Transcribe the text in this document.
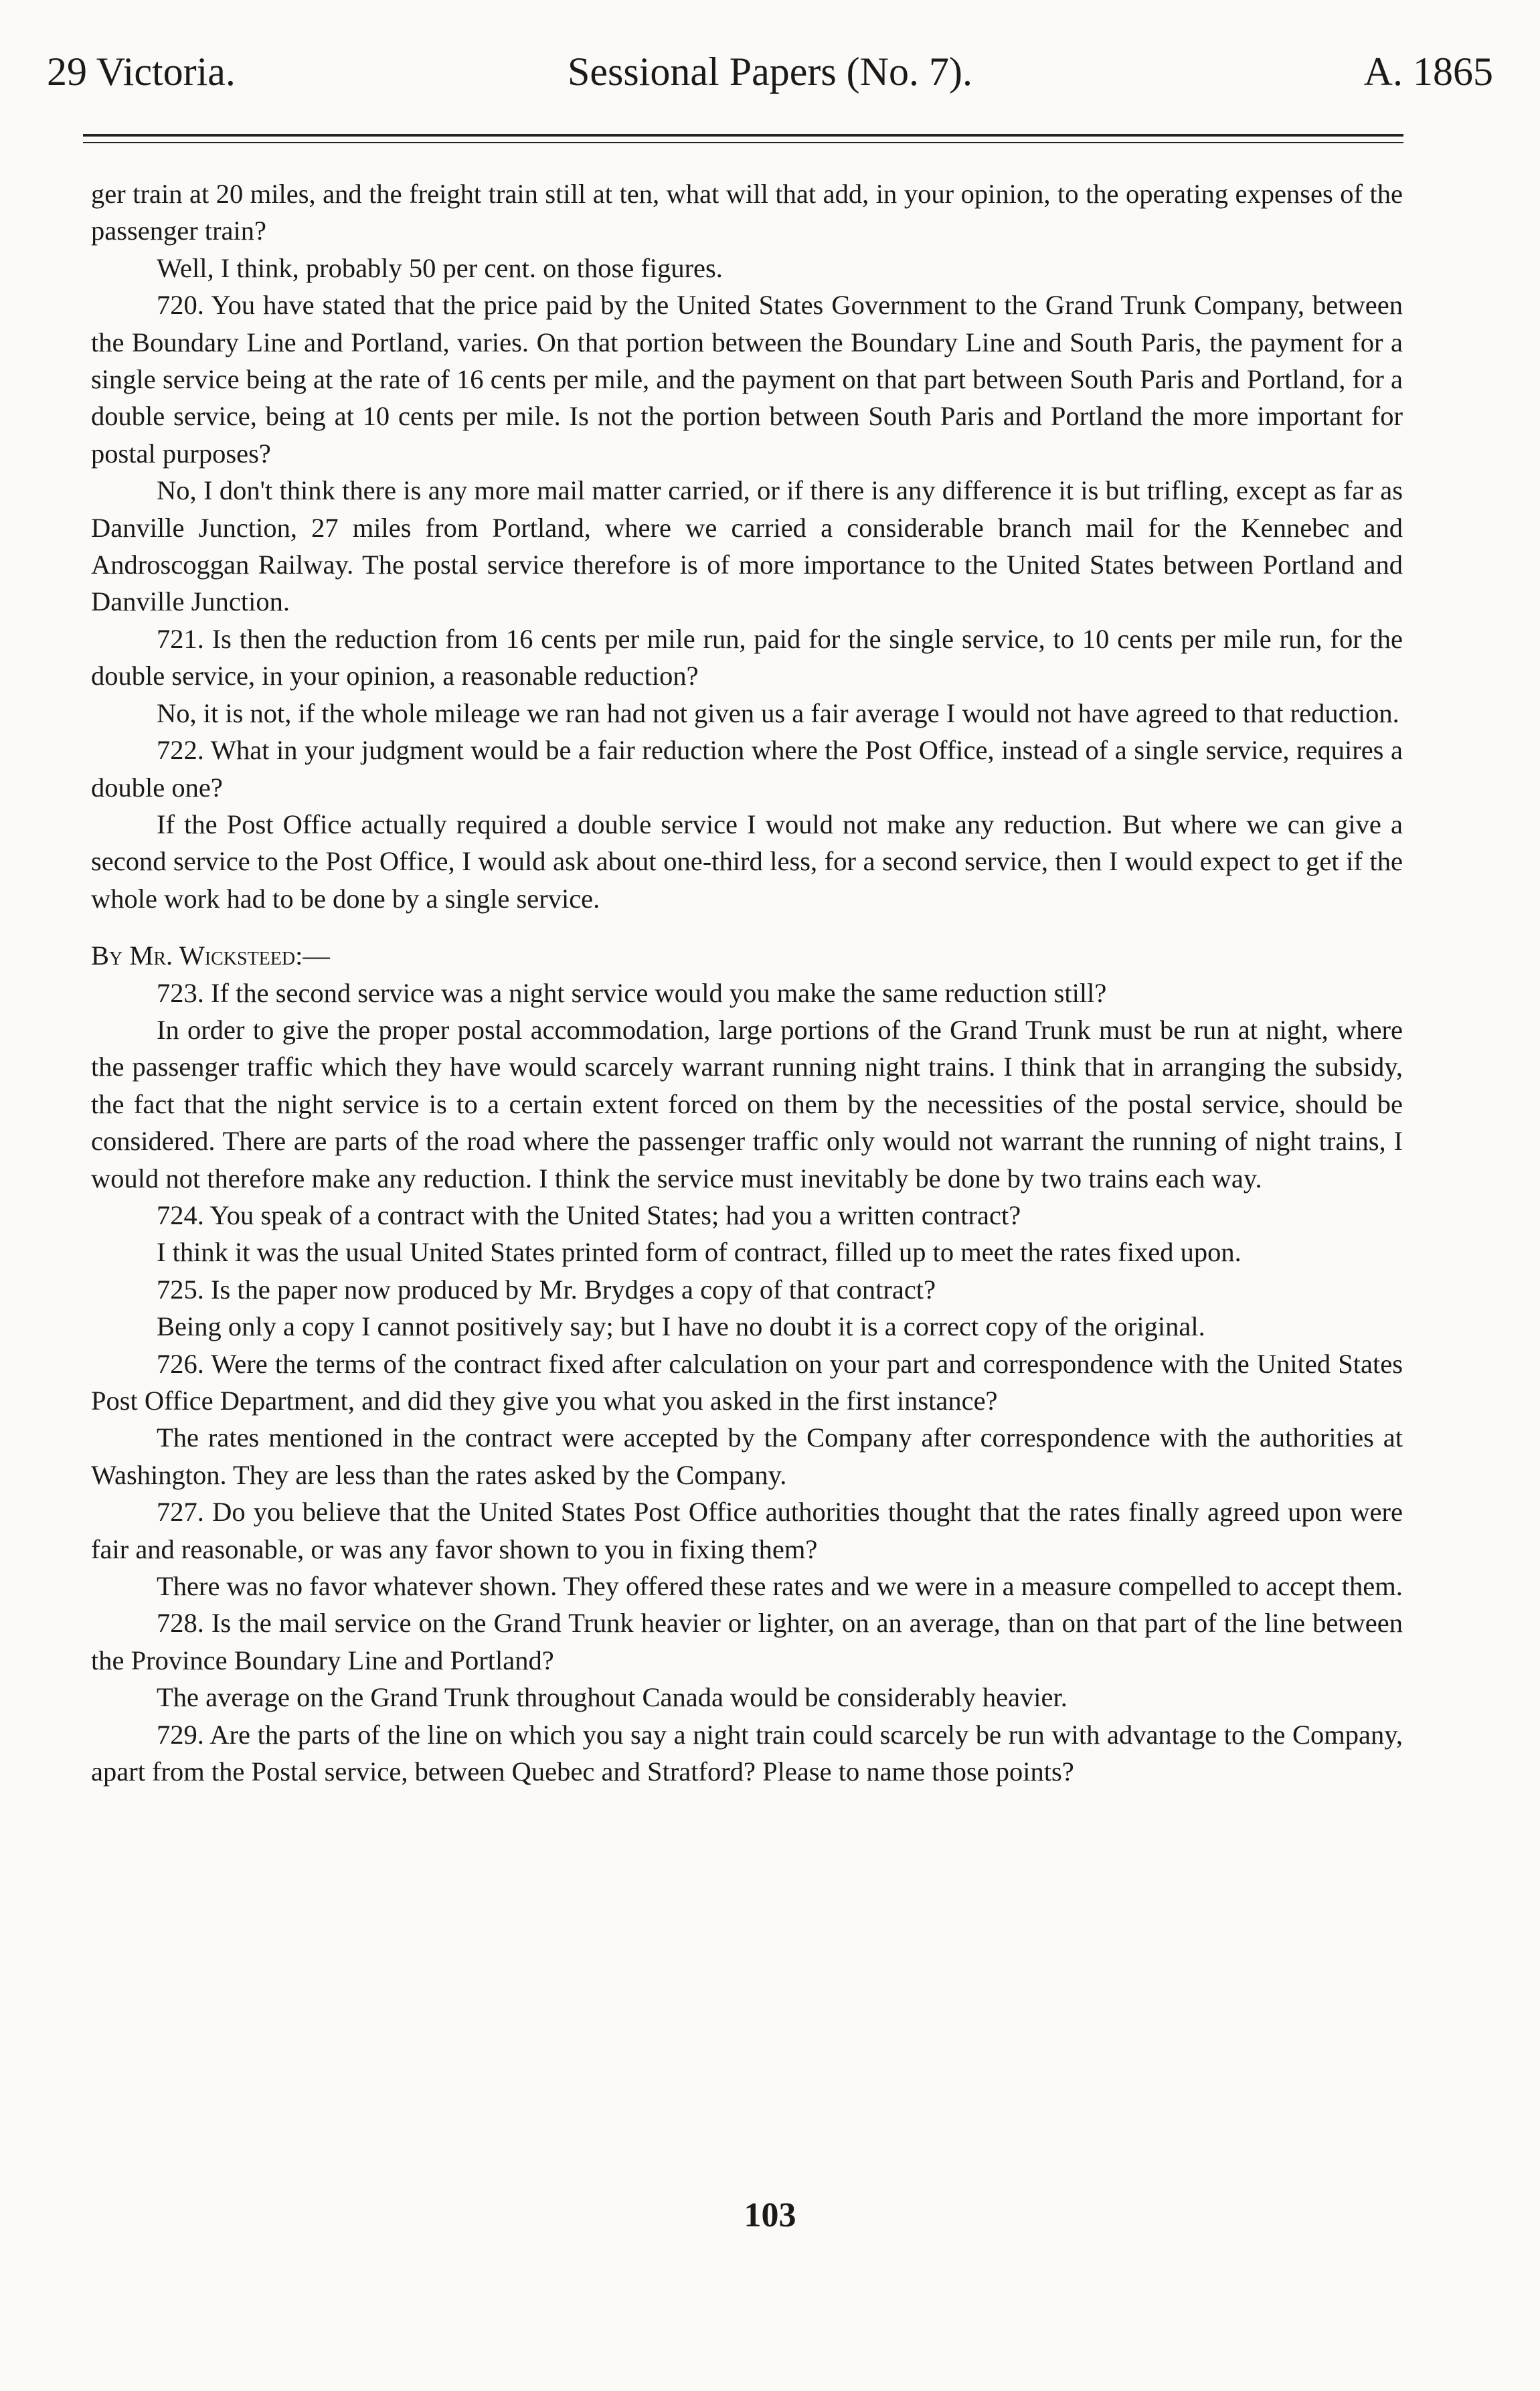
29 Victoria.	Sessional Papers (No. 7).	A. 1865

ger train at 20 miles, and the freight train still at ten, what will that add, in your opinion, to the operating expenses of the passenger train?

Well, I think, probably 50 per cent. on those figures.

720. You have stated that the price paid by the United States Government to the Grand Trunk Company, between the Boundary Line and Portland, varies. On that portion between the Boundary Line and South Paris, the payment for a single service being at the rate of 16 cents per mile, and the payment on that part between South Paris and Portland, for a double service, being at 10 cents per mile. Is not the portion between South Paris and Portland the more important for postal purposes?

No, I don't think there is any more mail matter carried, or if there is any difference it is but trifling, except as far as Danville Junction, 27 miles from Portland, where we carried a considerable branch mail for the Kennebec and Androscoggan Railway. The postal service therefore is of more importance to the United States between Portland and Danville Junction.

721. Is then the reduction from 16 cents per mile run, paid for the single service, to 10 cents per mile run, for the double service, in your opinion, a reasonable reduction?

No, it is not, if the whole mileage we ran had not given us a fair average I would not have agreed to that reduction.

722. What in your judgment would be a fair reduction where the Post Office, instead of a single service, requires a double one?

If the Post Office actually required a double service I would not make any reduction. But where we can give a second service to the Post Office, I would ask about one-third less, for a second service, then I would expect to get if the whole work had to be done by a single service.

By Mr. Wicksteed:—

723. If the second service was a night service would you make the same reduction still?

In order to give the proper postal accommodation, large portions of the Grand Trunk must be run at night, where the passenger traffic which they have would scarcely warrant running night trains. I think that in arranging the subsidy, the fact that the night service is to a certain extent forced on them by the necessities of the postal service, should be considered. There are parts of the road where the passenger traffic only would not warrant the running of night trains, I would not therefore make any reduction. I think the service must inevitably be done by two trains each way.

724. You speak of a contract with the United States; had you a written contract?

I think it was the usual United States printed form of contract, filled up to meet the rates fixed upon.

725. Is the paper now produced by Mr. Brydges a copy of that contract?

Being only a copy I cannot positively say; but I have no doubt it is a correct copy of the original.

726. Were the terms of the contract fixed after calculation on your part and correspondence with the United States Post Office Department, and did they give you what you asked in the first instance?

The rates mentioned in the contract were accepted by the Company after correspondence with the authorities at Washington. They are less than the rates asked by the Company.

727. Do you believe that the United States Post Office authorities thought that the rates finally agreed upon were fair and reasonable, or was any favor shown to you in fixing them?

There was no favor whatever shown. They offered these rates and we were in a measure compelled to accept them.

728. Is the mail service on the Grand Trunk heavier or lighter, on an average, than on that part of the line between the Province Boundary Line and Portland?

The average on the Grand Trunk throughout Canada would be considerably heavier.

729. Are the parts of the line on which you say a night train could scarcely be run with advantage to the Company, apart from the Postal service, between Quebec and Stratford? Please to name those points?

103
